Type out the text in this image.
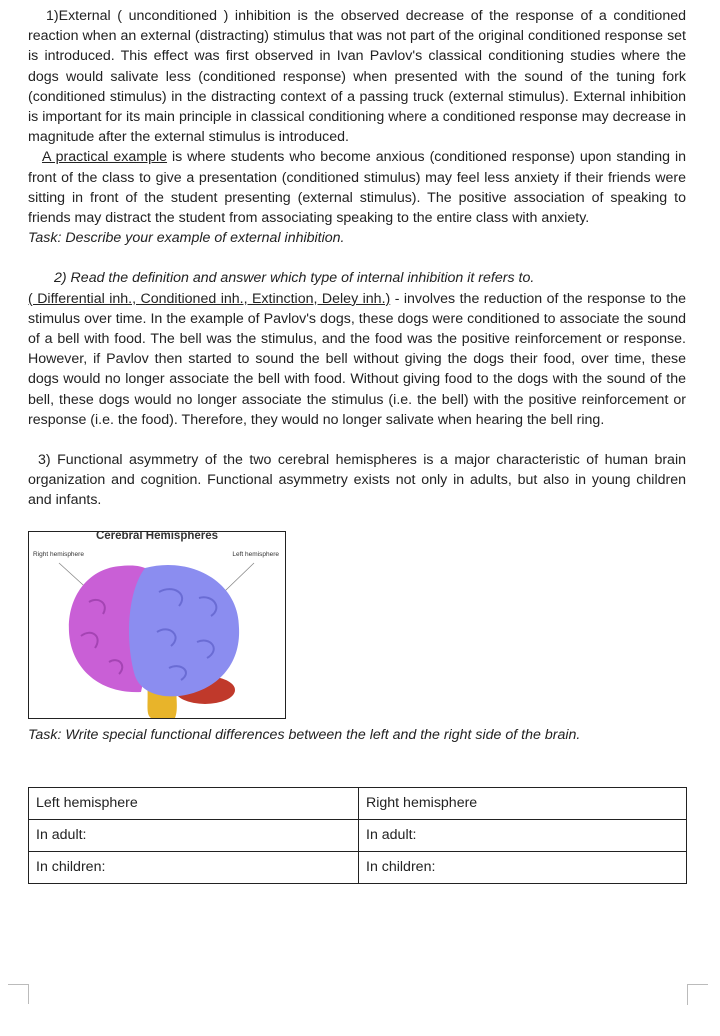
1)External ( unconditioned ) inhibition is the observed decrease of the response of a conditioned reaction when an external (distracting) stimulus that was not part of the original conditioned response set is introduced. This effect was first observed in Ivan Pavlov's classical conditioning studies where the dogs would salivate less (conditioned response) when presented with the sound of the tuning fork (conditioned stimulus) in the distracting context of a passing truck (external stimulus). External inhibition is important for its main principle in classical conditioning where a conditioned response may decrease in magnitude after the external stimulus is introduced.

A practical example is where students who become anxious (conditioned response) upon standing in front of the class to give a presentation (conditioned stimulus) may feel less anxiety if their friends were sitting in front of the student presenting (external stimulus). The positive association of speaking to friends may distract the student from associating speaking to the entire class with anxiety.

Task: Describe your example of external inhibition.

2) Read the definition and answer which type of internal inhibition it refers to.

( Differential inh., Conditioned inh., Extinction, Deley inh.) - involves the reduction of the response to the stimulus over time. In the example of Pavlov's dogs, these dogs were conditioned to associate the sound of a bell with food. The bell was the stimulus, and the food was the positive reinforcement or response. However, if Pavlov then started to sound the bell without giving the dogs their food, over time, these dogs would no longer associate the bell with food. Without giving food to the dogs with the sound of the bell, these dogs would no longer associate the stimulus (i.e. the bell) with the positive reinforcement or response (i.e. the food). Therefore, they would no longer salivate when hearing the bell ring.

3) Functional asymmetry of the two cerebral hemispheres is a major characteristic of human brain organization and cognition. Functional asymmetry exists not only in adults, but also in young children and infants.

Cerebral Hemispheres
Right hemisphere	Left hemisphere

Task: Write special functional differences between the left and the right side of the brain.

Left hemisphere	Right hemisphere
In adult:	In adult:
In children:	In children:
